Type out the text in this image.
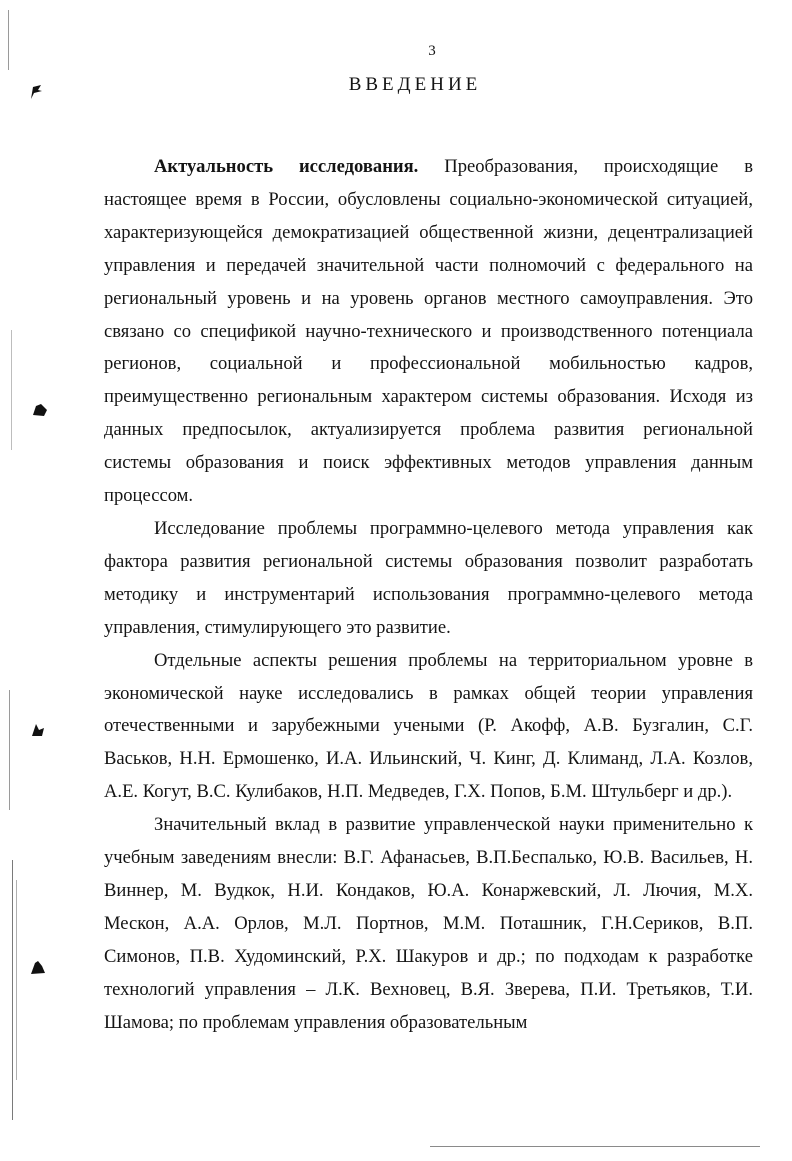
3
ВВЕДЕНИЕ

Актуальность исследования. Преобразования, происходящие в настоящее время в России, обусловлены социально-экономической ситуацией, характеризующейся демократизацией общественной жизни, децентрализацией управления и передачей значительной части полномочий с федерального на региональный уровень и на уровень органов местного самоуправления. Это связано со спецификой научно-технического и производственного потенциала регионов, социальной и профессиональной мобильностью кадров, преимущественно региональным характером системы образования. Исходя из данных предпосылок, актуализируется проблема развития региональной системы образования и поиск эффективных методов управления данным процессом.

Исследование проблемы программно-целевого метода управления как фактора развития региональной системы образования позволит разработать методику и инструментарий использования программно-целевого метода управления, стимулирующего это развитие.

Отдельные аспекты решения проблемы на территориальном уровне в экономической науке исследовались в рамках общей теории управления отечественными и зарубежными учеными (Р. Акофф, А.В. Бузгалин, С.Г. Васьков, Н.Н. Ермошенко, И.А. Ильинский, Ч. Кинг, Д. Климанд, Л.А. Козлов, А.Е. Когут, В.С. Кулибаков, Н.П. Медведев, Г.Х. Попов, Б.М. Штульберг и др.).

Значительный вклад в развитие управленческой науки применительно к учебным заведениям внесли: В.Г. Афанасьев, В.П.Беспалько, Ю.В. Васильев, Н. Виннер, М. Вудкок, Н.И. Кондаков, Ю.А. Конаржевский, Л. Лючия, М.Х. Мескон, А.А. Орлов, М.Л. Портнов, М.М. Поташник, Г.Н.Сериков, В.П. Симонов, П.В. Худоминский, Р.Х. Шакуров и др.; по подходам к разработке технологий управления – Л.К. Вехновец, В.Я. Зверева, П.И. Третьяков, Т.И. Шамова; по проблемам управления образовательным
